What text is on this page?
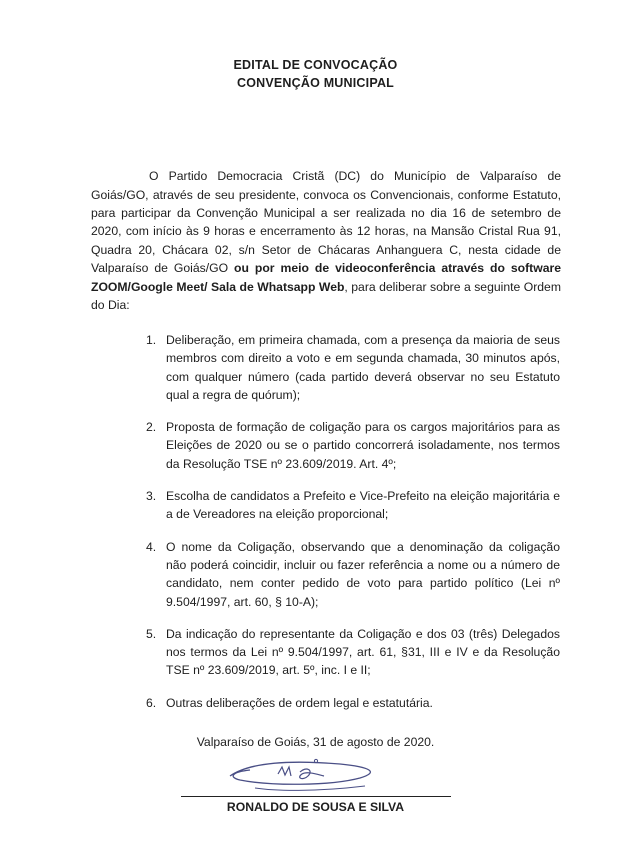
EDITAL DE CONVOCAÇÃO
CONVENÇÃO MUNICIPAL

O Partido Democracia Cristã (DC) do Município de Valparaíso de Goiás/GO, através de seu presidente, convoca os Convencionais, conforme Estatuto, para participar da Convenção Municipal a ser realizada no dia 16 de setembro de 2020, com início às 9 horas e encerramento às 12 horas, na Mansão Cristal Rua 91, Quadra 20, Chácara 02, s/n Setor de Chácaras Anhanguera C, nesta cidade de Valparaíso de Goiás/GO ou por meio de videoconferência através do software ZOOM/Google Meet/ Sala de Whatsapp Web, para deliberar sobre a seguinte Ordem do Dia:

1. Deliberação, em primeira chamada, com a presença da maioria de seus membros com direito a voto e em segunda chamada, 30 minutos após, com qualquer número (cada partido deverá observar no seu Estatuto qual a regra de quórum);
2. Proposta de formação de coligação para os cargos majoritários para as Eleições de 2020 ou se o partido concorrerá isoladamente, nos termos da Resolução TSE nº 23.609/2019. Art. 4º;
3. Escolha de candidatos a Prefeito e Vice-Prefeito na eleição majoritária e a de Vereadores na eleição proporcional;
4. O nome da Coligação, observando que a denominação da coligação não poderá coincidir, incluir ou fazer referência a nome ou a número de candidato, nem conter pedido de voto para partido político (Lei nº 9.504/1997, art. 60, § 10-A);
5. Da indicação do representante da Coligação e dos 03 (três) Delegados nos termos da Lei nº 9.504/1997, art. 61, §31, III e IV e da Resolução TSE nº 23.609/2019, art. 5º, inc. I e II;
6. Outras deliberações de ordem legal e estatutária.
Valparaíso de Goiás, 31 de agosto de 2020.
RONALDO DE SOUSA E SILVA
